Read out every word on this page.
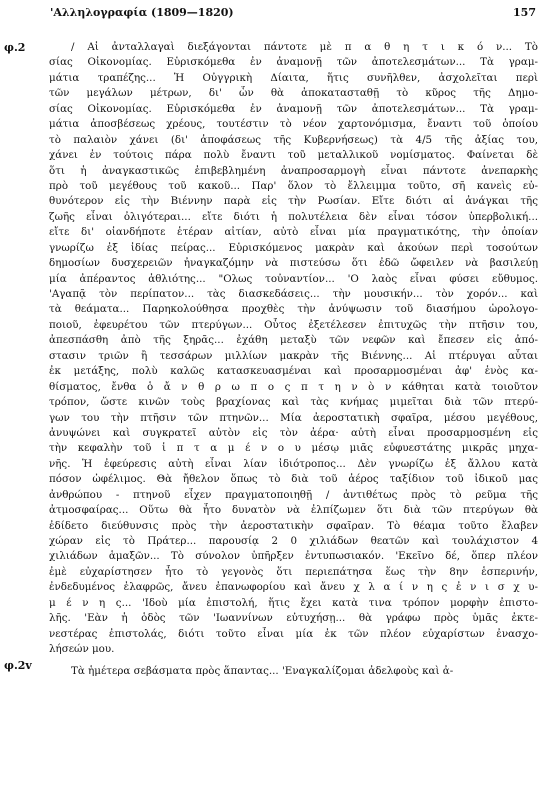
'Αλληλογραφία (1809—1820)	157
φ.2
φ.2v
/ Αἱ ἀνταλλαγαὶ διεξάγονται πάντοτε μὲ π α θ η τ ι κ ό ν... Τὸ
σίας Οἰκονομίας. Εὑρισκόμεθα ἐν ἀναμονῇ τῶν ἀποτελεσμάτων... Τὰ γραμ-
μάτια τραπέζης... Ἡ Οὐγγρικὴ Δίαιτα, ἥτις συνῆλθεν, ἀσχολεῖται περὶ
τῶν μεγάλων μέτρων, δι' ὧν θὰ ἀποκατασταθῇ τὸ κῦρος τῆς Δημο-
σίας Οἰκονομίας. Εὑρισκόμεθα ἐν ἀναμονῇ τῶν ἀποτελεσμάτων... Τὰ γραμ-
μάτια ἀποσβέσεως χρέους, τουτέστιν τὸ νέον χαρτονόμισμα, ἔναντι τοῦ ὁποίου
τὸ παλαιὸν χάνει (δι' ἀποφάσεως τῆς Κυβερνήσεως) τὰ 4/5 τῆς ἀξίας του,
χάνει ἐν τούτοις πάρα πολὺ ἔναντι τοῦ μεταλλικοῦ νομίσματος. Φαίνεται δὲ
ὅτι ἡ ἀναγκαστικῶς ἐπιβεβλημένη ἀναπροσαρμογὴ εἶναι πάντοτε ἀνεπαρκὴς
πρὸ τοῦ μεγέθους τοῦ κακοῦ... Παρ' ὅλον τὸ ἔλλειμμα τοῦτο, σῆ κανεὶς εὐ-
θυνότερον εἰς τὴν Βιέννην παρὰ εἰς τὴν Ρωσίαν. Εἴτε διότι αἱ ἀνάγκαι τῆς
ζωῆς εἶναι ὀλιγότεραι... εἴτε διότι ἡ πολυτέλεια δὲν εἶναι τόσον ὑπερβολική...
εἴτε δι' οἱανδήποτε ἑτέραν αἰτίαν, αὐτὸ εἶναι μία πραγματικότης, τὴν ὁποίαν
γνωρίζω ἐξ ἰδίας πείρας... Εὑρισκόμενος μακρὰν καὶ ἀκούων περὶ τοσούτων
δημοσίων δυσχερειῶν ἠναγκαζόμην νὰ πιστεύσω ὅτι ἐδῶ ὤφειλεν νὰ βασιλεύῃ
μία ἀπέραντος ἀθλιότης... "Ολως τοὐναντίον... 'Ο λαὸς εἶναι φύσει εὔθυμος.
'Αγαπᾷ τὸν περίπατον... τὰς διασκεδάσεις... τὴν μουσικήν... τὸν χορόν... καὶ
τὰ θεάματα... Παρηκολούθησα προχθὲς τὴν ἀνύψωσιν τοῦ διασήμου ὡρολογο-
ποιοῦ, ἐφευρέτου τῶν πτερύγων... Οὗτος ἐξετέλεσεν ἐπιτυχῶς τὴν πτῆσιν του,
ἀπεσπάσθη ἀπὸ τῆς ξηρᾶς... ἐχάθη μεταξὺ τῶν νεφῶν καὶ ἔπεσεν εἰς ἀπό-
στασιν τριῶν ἢ τεσσάρων μιλλίων μακρὰν τῆς Βιέννης... Αἱ πτέρυγαι αὗται
ἐκ μετάξης, πολὺ καλῶς κατασκευασμέναι καὶ προσαρμοσμέναι ἀφ' ἑνὸς κα-
θίσματος, ἔνθα ὁ ἄ ν θ ρ ω π ο ς π τ η ν ὸ ν κάθηται κατὰ τοιοῦτον
τρόπον, ὥστε κινῶν τοὺς βραχίονας καὶ τὰς κνήμας μιμεῖται διὰ τῶν πτερύ-
γων του τὴν πτῆσιν τῶν πτηνῶν... Μία ἀεροστατικὴ σφαῖρα, μέσου μεγέθους,
ἀνυψώνει καὶ συγκρατεῖ αὐτὸν εἰς τὸν ἀέρα· αὐτὴ εἶναι προσαρμοσμένη εἰς
τὴν κεφαλὴν τοῦ ἱ π τ α μ έ ν ο υ μέσῳ μιᾶς εὐφυεστάτης μικρᾶς μηχα-
νῆς. Ἡ ἐφεύρεσις αὐτὴ εἶναι λίαν ἰδιότροπος... Δὲν γνωρίζω ἐξ ἄλλου κατὰ
πόσον ὠφέλιμος. Θὰ ἤθελον ὅπως τὸ διὰ τοῦ ἀέρος ταξίδιον τοῦ ἰδικοῦ μας
ἀνθρώπου - πτηνοῦ εἶχεν πραγματοποιηθῇ / ἀντιθέτως πρὸς τὸ ρεῦμα τῆς
ἀτμοσφαίρας... Οὕτω θὰ ἦτο δυνατὸν νὰ ἐλπίζωμεν ὅτι διὰ τῶν πτερύγων θὰ
ἐδίδετο διεύθυνσις πρὸς τὴν ἀεροστατικὴν σφαῖραν. Τὸ θέαμα τοῦτο ἔλαβεν
χώραν εἰς τὸ Πράτερ... παρουσίᾳ 2 0 χιλιάδων θεατῶν καὶ τουλάχιστον 4
χιλιάδων ἁμαξῶν... Τὸ σύνολον ὑπῆρξεν ἐντυπωσιακόν. 'Εκεῖνο δέ, ὅπερ πλέον
ἐμὲ εὐχαρίστησεν ἦτο τὸ γεγονὸς ὅτι περιεπάτησα ἕως τὴν 8ην ἑσπερινήν,
ἐνδεδυμένος ἐλαφρῶς, ἄνευ ἐπανωφορίου καὶ ἄνευ χ λ α ί ν η ς ἐ ν ι σ χ υ-
μ έ ν η ς... 'Ιδοὺ μία ἐπιστολή, ἥτις ἔχει κατὰ τινα τρόπον μορφὴν ἐπιστο-
λῆς. 'Εὰν ἡ ὁδὸς τῶν 'Ιωαννίνων εὐτυχήσῃ... θὰ γράφω πρὸς ὑμᾶς ἐκτε-
νεστέρας ἐπιστολάς, διότι τοῦτο εἶναι μία ἐκ τῶν πλέον εὐχαρίστων ἐνασχο-
λήσεών μου.
Τὰ ἡμέτερα σεβάσματα πρὸς ἅπαντας... 'Εναγκαλίζομαι ἀδελφοὺς καὶ ἀ-
